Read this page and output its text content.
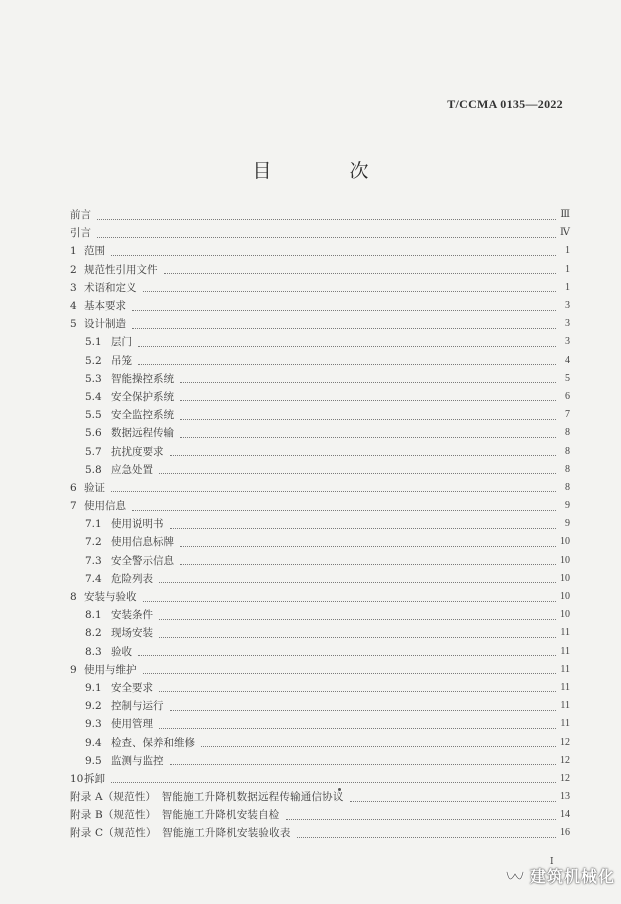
T/CCMA 0135—2022
目 次
前言	Ⅲ
引言	Ⅳ
1 范围	1
2 规范性引用文件	1
3 术语和定义	1
4 基本要求	3
5 设计制造	3
5.1 层门	3
5.2 吊笼	4
5.3 智能操控系统	5
5.4 安全保护系统	6
5.5 安全监控系统	7
5.6 数据远程传输	8
5.7 抗扰度要求	8
5.8 应急处置	8
6 验证	8
7 使用信息	9
7.1 使用说明书	9
7.2 使用信息标牌	10
7.3 安全警示信息	10
7.4 危险列表	10
8 安装与验收	10
8.1 安装条件	10
8.2 现场安装	11
8.3 验收	11
9 使用与维护	11
9.1 安全要求	11
9.2 控制与运行	11
9.3 使用管理	11
9.4 检查、保养和维修	12
9.5 监测与监控	12
10拆卸	12
附录 A（规范性）　智能施工升降机数据远程传输通信协议	13
附录 B（规范性）　智能施工升降机安装自检	14
附录 C（规范性）　智能施工升降机安装验收表	16
I
建筑机械化
